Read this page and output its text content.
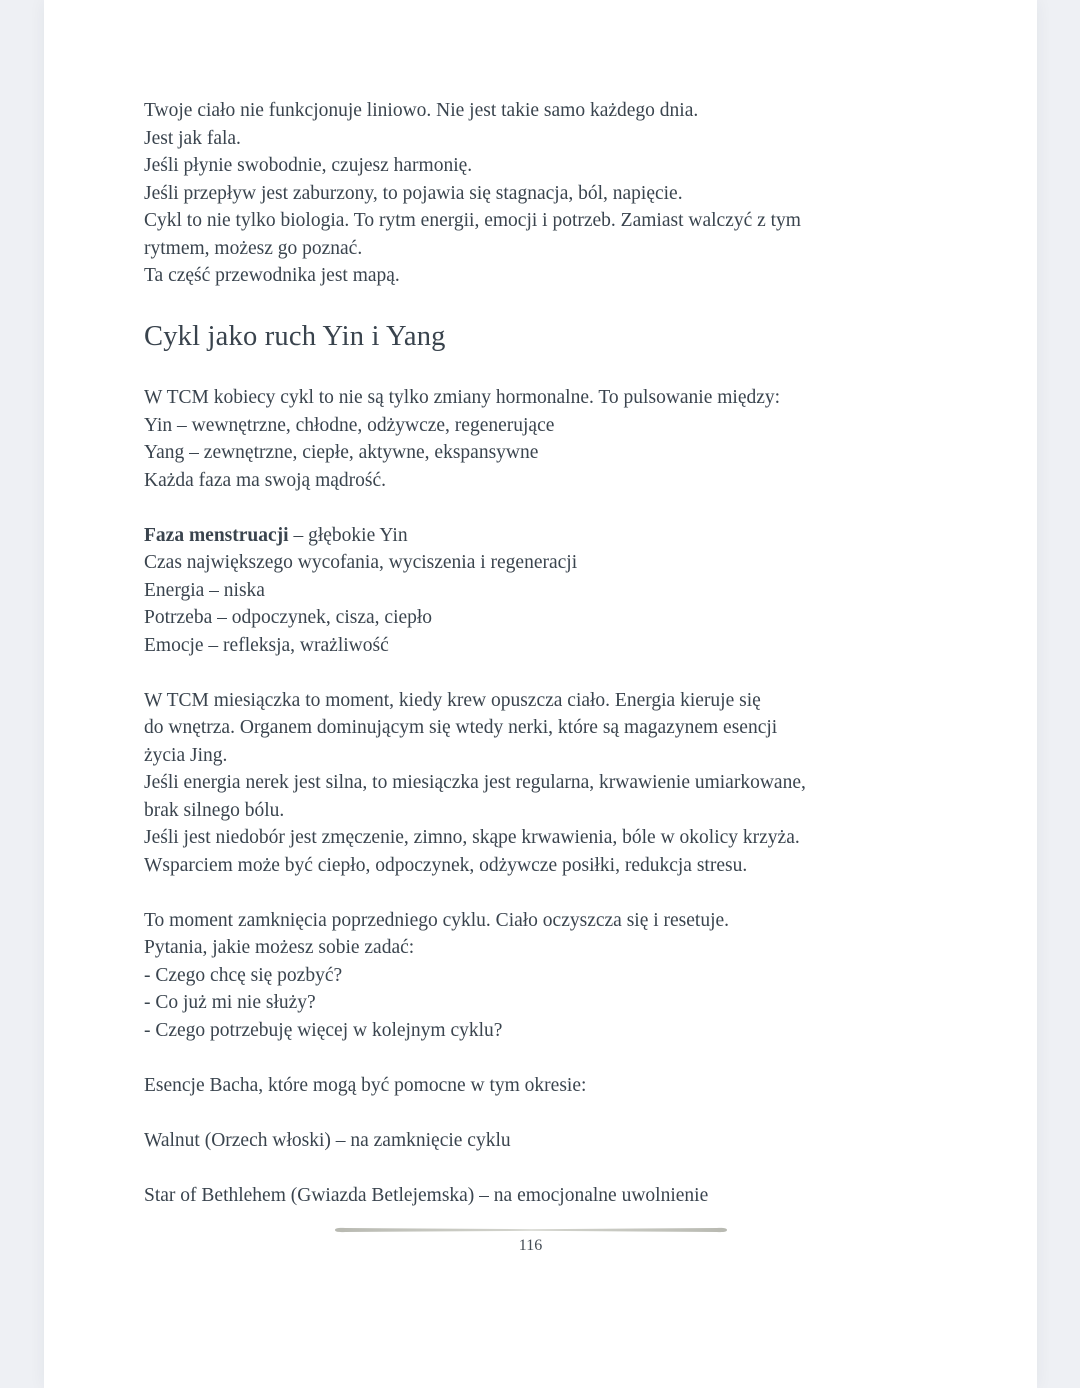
Twoje ciało nie funkcjonuje liniowo. Nie jest takie samo każdego dnia.
Jest jak fala.
Jeśli płynie swobodnie, czujesz harmonię.
Jeśli przepływ jest zaburzony, to pojawia się stagnacja, ból, napięcie.
Cykl to nie tylko biologia. To rytm energii, emocji i potrzeb. Zamiast walczyć z tym
rytmem, możesz go poznać.
Ta część przewodnika jest mapą.
Cykl jako ruch Yin i Yang
W TCM kobiecy cykl to nie są tylko zmiany hormonalne. To pulsowanie między:
Yin – wewnętrzne, chłodne, odżywcze, regenerujące
Yang – zewnętrzne, ciepłe, aktywne, ekspansywne
Każda faza ma swoją mądrość.
Faza menstruacji – głębokie Yin
Czas największego wycofania, wyciszenia i regeneracji
Energia – niska
Potrzeba – odpoczynek, cisza, ciepło
Emocje – refleksja, wrażliwość
W TCM miesiączka to moment, kiedy krew opuszcza ciało. Energia kieruje się
do wnętrza. Organem dominującym się wtedy nerki, które są magazynem esencji
życia Jing.
Jeśli energia nerek jest silna, to miesiączka jest regularna, krwawienie umiarkowane,
brak silnego bólu.
Jeśli jest niedobór jest zmęczenie, zimno, skąpe krwawienia, bóle w okolicy krzyża.
Wsparciem może być ciepło, odpoczynek, odżywcze posiłki, redukcja stresu.
To moment zamknięcia poprzedniego cyklu. Ciało oczyszcza się i resetuje.
Pytania, jakie możesz sobie zadać:
- Czego chcę się pozbyć?
- Co już mi nie służy?
- Czego potrzebuję więcej w kolejnym cyklu?
Esencje Bacha, które mogą być pomocne w tym okresie:
Walnut (Orzech włoski) – na zamknięcie cyklu
Star of Bethlehem (Gwiazda Betlejemska) – na emocjonalne uwolnienie
116
